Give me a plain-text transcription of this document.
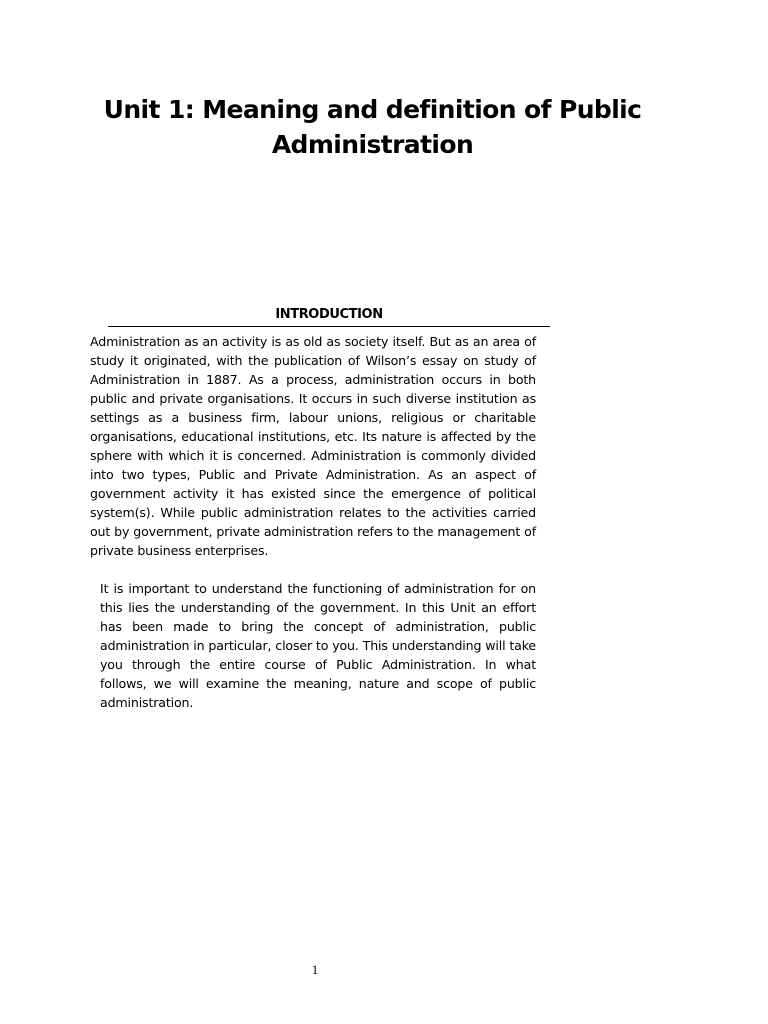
Unit 1: Meaning and definition of Public Administration
INTRODUCTION

Administration as an activity is as old as society itself. But as an area of study it originated, with the publication of Wilson’s essay on study of Administration in 1887. As a process, administration occurs in both public and private organisations. It occurs in such diverse institution as settings as a business firm, labour unions, religious or charitable organisations, educational institutions, etc. Its nature is affected by the sphere with which it is concerned. Administration is commonly divided into two types, Public and Private Administration. As an aspect of government activity it has existed since the emergence of political system(s). While public administration relates to the activities carried out by government, private administration refers to the management of private business enterprises.

It is important to understand the functioning of administration for on this lies the understanding of the government. In this Unit an effort has been made to bring the concept of administration, public administration in particular, closer to you. This understanding will take you through the entire course of Public Administration. In what follows, we will examine the meaning, nature and scope of public administration.

1
